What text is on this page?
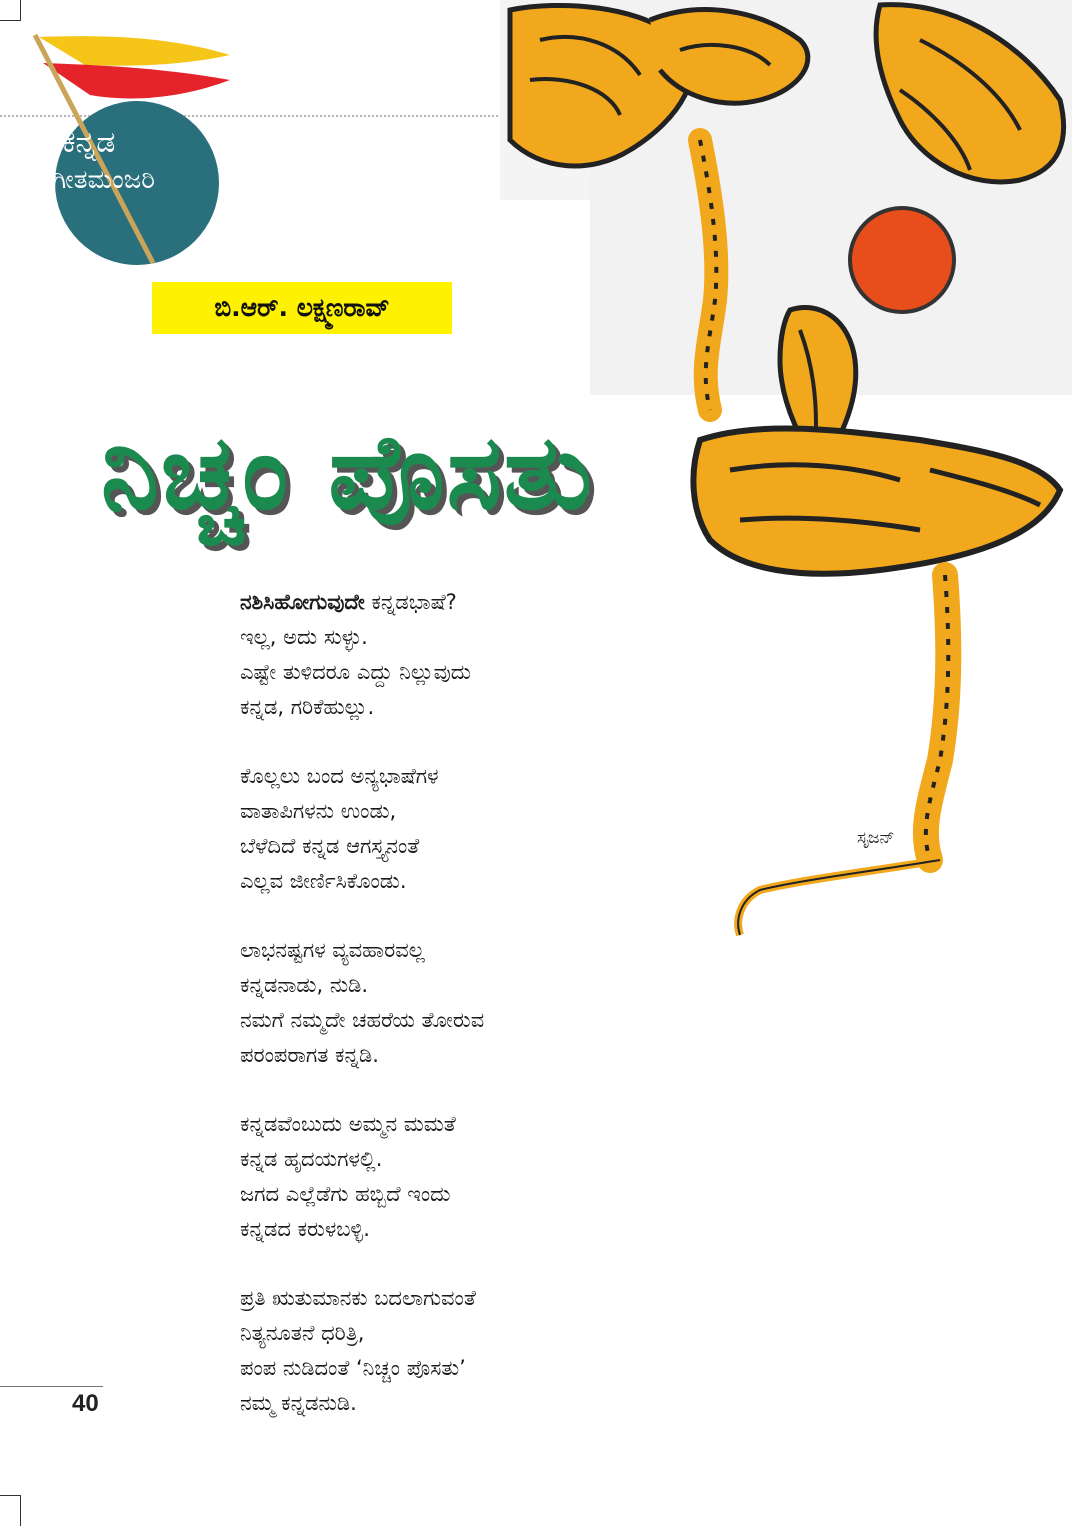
ಕನ್ನಡ
ಗೀತಮಂಜರಿ
ಬಿ.ಆರ್. ಲಕ್ಷ್ಮಣರಾವ್
ನಿಚ್ಚಂ ಪೊಸತು
ನಶಿಸಿಹೋಗುವುದೇ ಕನ್ನಡಭಾಷೆ?
ಇಲ್ಲ, ಅದು ಸುಳ್ಳು.
ಎಷ್ಟೇ ತುಳಿದರೂ ಎದ್ದು ನಿಲ್ಲುವುದು
ಕನ್ನಡ, ಗರಿಕೆಹುಲ್ಲು.
ಕೊಲ್ಲಲು ಬಂದ ಅನ್ಯಭಾಷೆಗಳ
ವಾತಾಪಿಗಳನು ಉಂಡು,
ಬೆಳೆದಿದೆ ಕನ್ನಡ ಆಗಸ್ತ್ಯನಂತೆ
ಎಲ್ಲವ ಜೀರ್ಣಿಸಿಕೊಂಡು.
ಲಾಭನಷ್ಟಗಳ ವ್ಯವಹಾರವಲ್ಲ
ಕನ್ನಡನಾಡು, ನುಡಿ.
ನಮಗೆ ನಮ್ಮದೇ ಚಹರೆಯ ತೋರುವ
ಪರಂಪರಾಗತ ಕನ್ನಡಿ.
ಕನ್ನಡವೆಂಬುದು ಅಮ್ಮನ ಮಮತೆ
ಕನ್ನಡ ಹೃದಯಗಳಲ್ಲಿ.
ಜಗದ ಎಲ್ಲೆಡೆಗು ಹಬ್ಬಿದೆ ಇಂದು
ಕನ್ನಡದ ಕರುಳಬಳ್ಳಿ.
ಪ್ರತಿ ಋತುಮಾನಕು ಬದಲಾಗುವಂತೆ
ನಿತ್ಯನೂತನೆ ಧರಿತ್ರಿ,
ಪಂಪ ನುಡಿದಂತೆ ‘ನಿಚ್ಚಂ ಪೊಸತು’
ನಮ್ಮ ಕನ್ನಡನುಡಿ.
ಸೃಜನ್
40
